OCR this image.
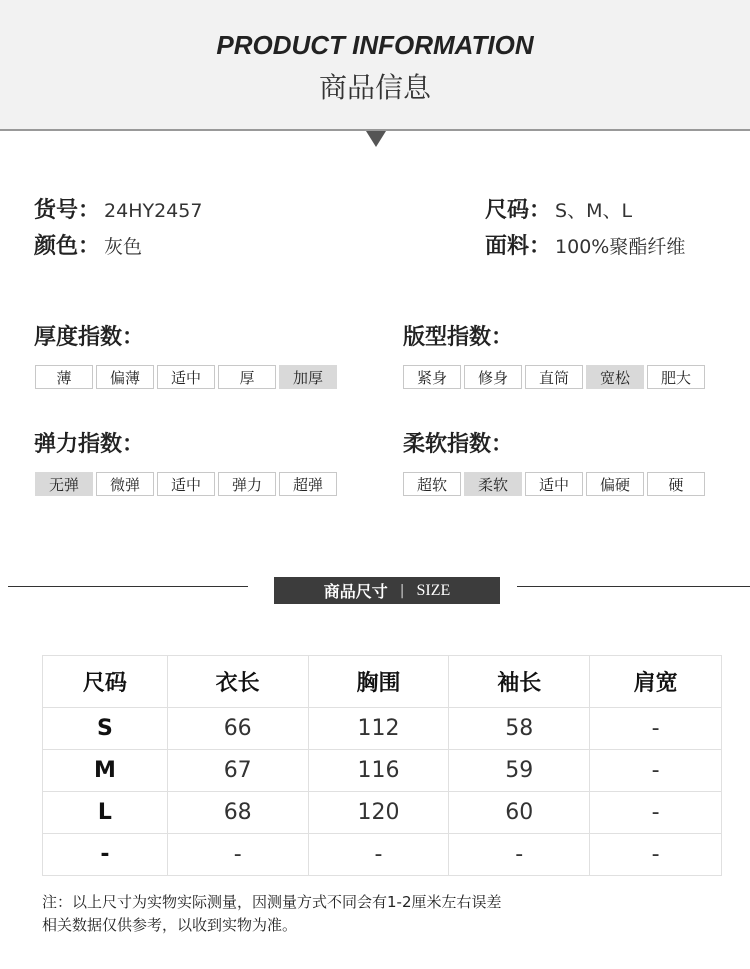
PRODUCT INFORMATION
商品信息
货号： 24HY2457
颜色： 灰色
尺码： S、M、L
面料： 100%聚酯纤维
厚度指数：
薄	偏薄	适中	厚	加厚
版型指数：
紧身	修身	直筒	宽松	肥大
弹力指数：
无弹	微弹	适中	弹力	超弹
柔软指数：
超软	柔软	适中	偏硬	硬
商品尺寸 | SIZE
尺码	衣长	胸围	袖长	肩宽
S	66	112	58	-
M	67	116	59	-
L	68	120	60	-
-	-	-	-	-
注：以上尺寸为实物实际测量，因测量方式不同会有1-2厘米左右误差
相关数据仅供参考，以收到实物为准。
